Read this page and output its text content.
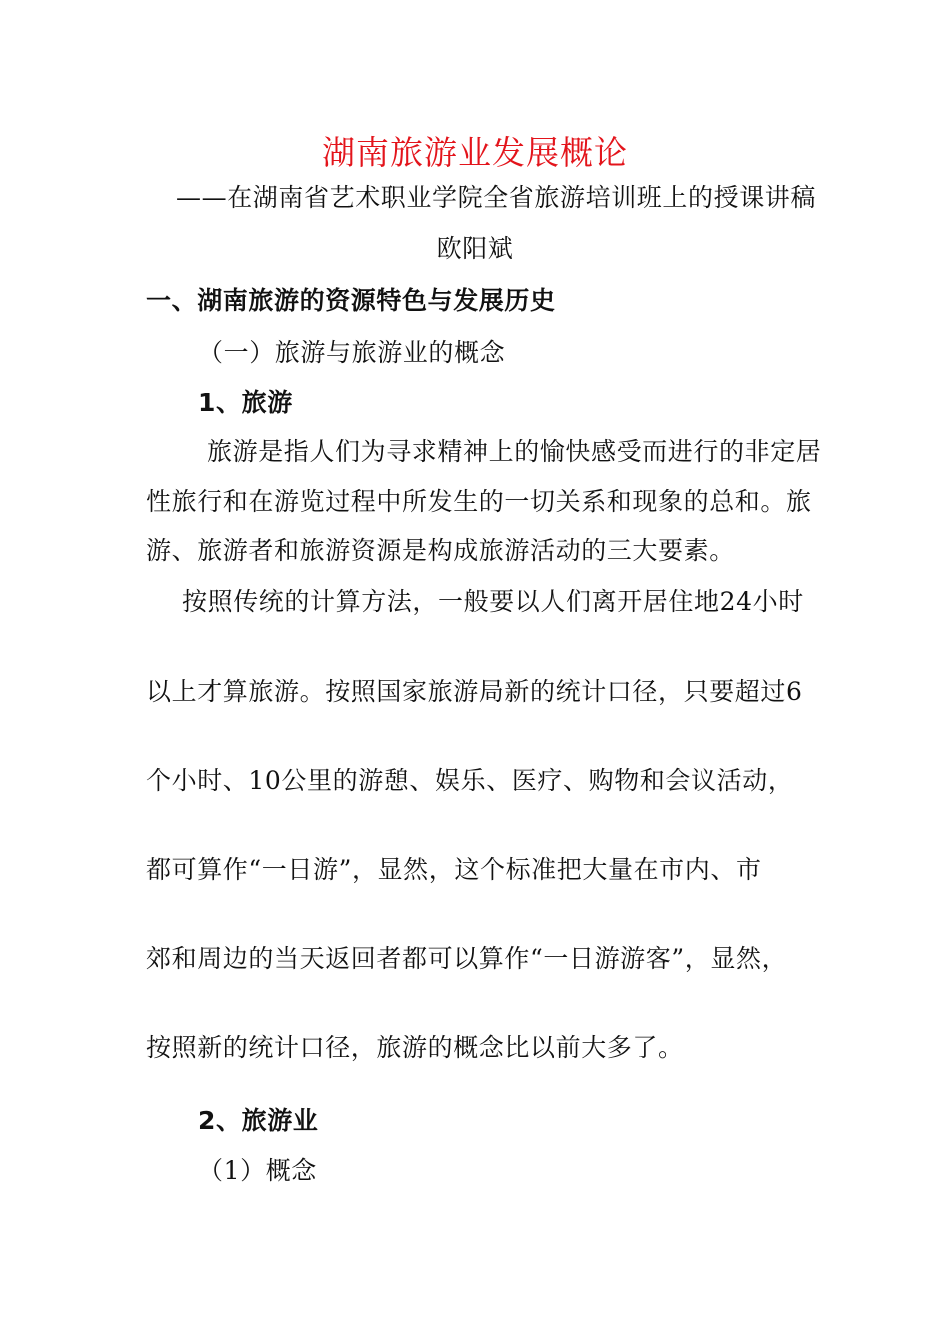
湖南旅游业发展概论
——在湖南省艺术职业学院全省旅游培训班上的授课讲稿
欧阳斌
一、湖南旅游的资源特色与发展历史
（一）旅游与旅游业的概念
1、旅游
旅游是指人们为寻求精神上的愉快感受而进行的非定居
性旅行和在游览过程中所发生的一切关系和现象的总和。旅
游、旅游者和旅游资源是构成旅游活动的三大要素。
按照传统的计算方法，一般要以人们离开居住地24小时
以上才算旅游。按照国家旅游局新的统计口径，只要超过6
个小时、10公里的游憩、娱乐、医疗、购物和会议活动，
都可算作“一日游”，显然，这个标准把大量在市内、市
郊和周边的当天返回者都可以算作“一日游游客”，显然，
按照新的统计口径，旅游的概念比以前大多了。
2、旅游业
（1）概念
